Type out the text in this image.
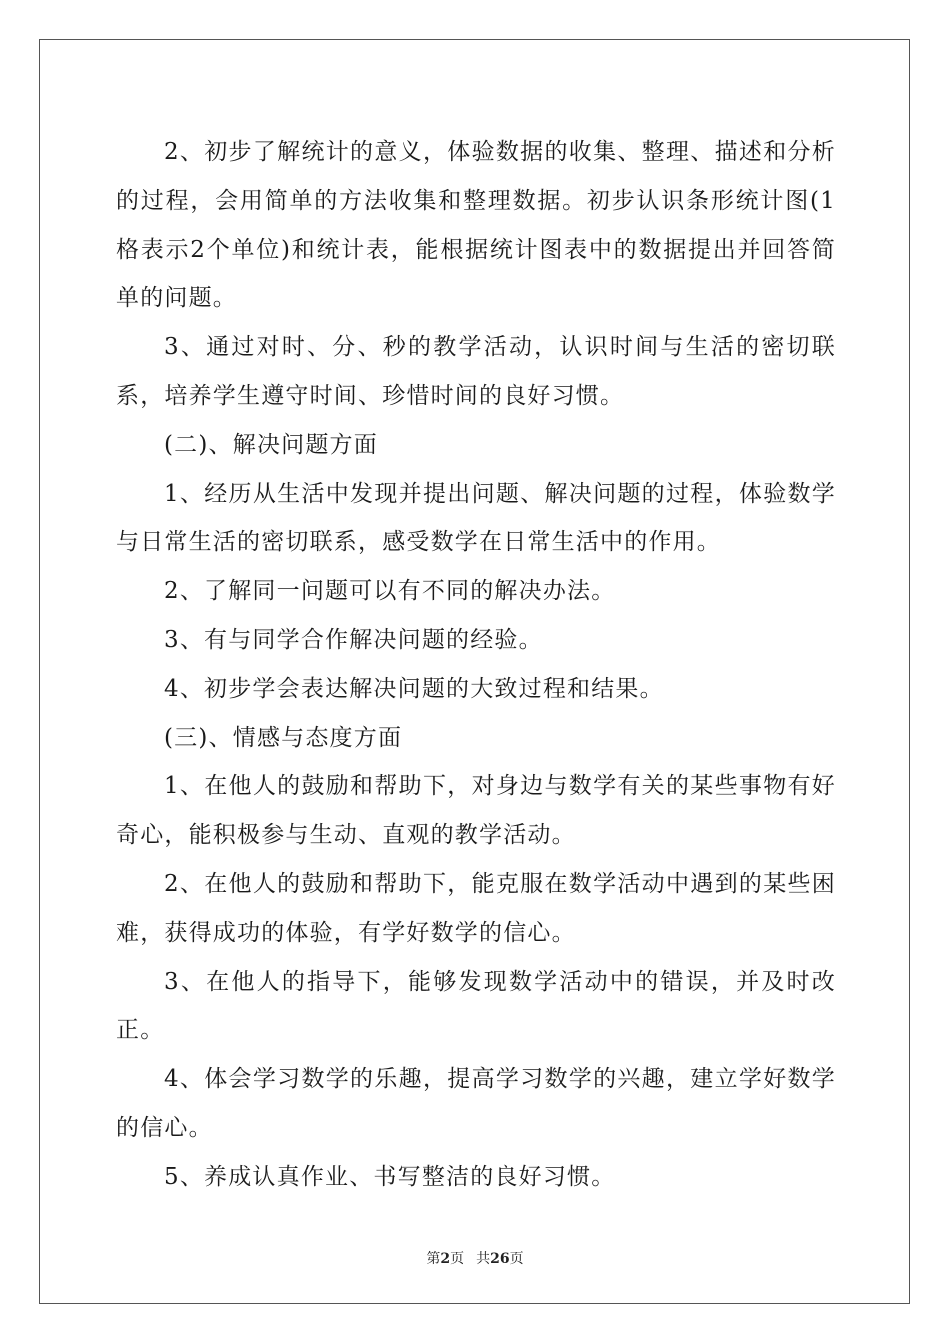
2、初步了解统计的意义，体验数据的收集、整理、描述和分析的过程，会用简单的方法收集和整理数据。初步认识条形统计图(1格表示2个单位)和统计表，能根据统计图表中的数据提出并回答简单的问题。

3、通过对时、分、秒的教学活动，认识时间与生活的密切联系，培养学生遵守时间、珍惜时间的良好习惯。

(二)、解决问题方面

1、经历从生活中发现并提出问题、解决问题的过程，体验数学与日常生活的密切联系，感受数学在日常生活中的作用。

2、了解同一问题可以有不同的解决办法。

3、有与同学合作解决问题的经验。

4、初步学会表达解决问题的大致过程和结果。

(三)、情感与态度方面

1、在他人的鼓励和帮助下，对身边与数学有关的某些事物有好奇心，能积极参与生动、直观的教学活动。

2、在他人的鼓励和帮助下，能克服在数学活动中遇到的某些困难，获得成功的体验，有学好数学的信心。

3、在他人的指导下，能够发现数学活动中的错误，并及时改正。

4、体会学习数学的乐趣，提高学习数学的兴趣，建立学好数学的信心。

5、养成认真作业、书写整洁的良好习惯。

第2页 共26页
